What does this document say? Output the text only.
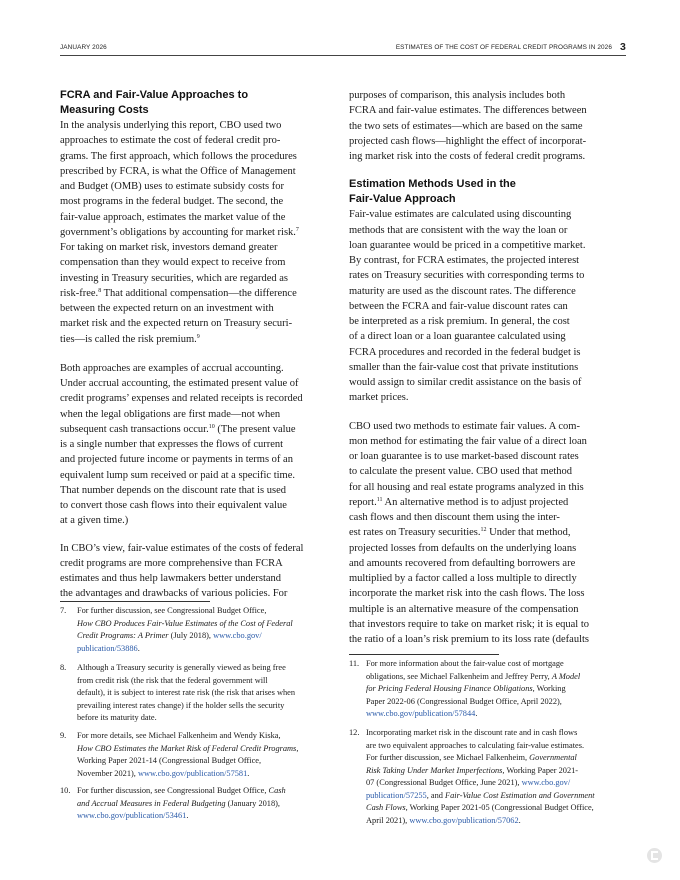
JANUARY 2026	ESTIMATES OF THE COST OF FEDERAL CREDIT PROGRAMS IN 2026 3
FCRA and Fair-Value Approaches to
Measuring Costs
In the analysis underlying this report, CBO used two
approaches to estimate the cost of federal credit pro-
grams. The first approach, which follows the procedures
prescribed by FCRA, is what the Office of Management
and Budget (OMB) uses to estimate subsidy costs for
most programs in the federal budget. The second, the
fair-value approach, estimates the market value of the
government’s obligations by accounting for market risk.$^7$
For taking on market risk, investors demand greater
compensation than they would expect to receive from
investing in Treasury securities, which are regarded as
risk-free.$^8$ That additional compensation—the difference
between the expected return on an investment with
market risk and the expected return on Treasury securi-
ties—is called the risk premium.$^9$
Both approaches are examples of accrual accounting.
Under accrual accounting, the estimated present value of
credit programs’ expenses and related receipts is recorded
when the legal obligations are first made—not when
subsequent cash transactions occur.$^{10}$ (The present value
is a single number that expresses the flows of current
and projected future income or payments in terms of an
equivalent lump sum received or paid at a specific time.
That number depends on the discount rate that is used
to convert those cash flows into their equivalent value
at a given time.)
In CBO’s view, fair-value estimates of the costs of federal
credit programs are more comprehensive than FCRA
estimates and thus help lawmakers better understand
the advantages and drawbacks of various policies. For
7.	For further discussion, see Congressional Budget Office,
How CBO Produces Fair-Value Estimates of the Cost of Federal
Credit Programs: A Primer (July 2018), www.cbo.gov/
publication/53886.
8.	Although a Treasury security is generally viewed as being free
from credit risk (the risk that the federal government will
default), it is subject to interest rate risk (the risk that arises when
prevailing interest rates change) if the holder sells the security
before its maturity date.
9.	For more details, see Michael Falkenheim and Wendy Kiska,
How CBO Estimates the Market Risk of Federal Credit Programs,
Working Paper 2021-14 (Congressional Budget Office,
November 2021), www.cbo.gov/publication/57581.
10. For further discussion, see Congressional Budget Office, Cash
and Accrual Measures in Federal Budgeting (January 2018),
www.cbo.gov/publication/53461.
purposes of comparison, this analysis includes both
FCRA and fair-value estimates. The differences between
the two sets of estimates—which are based on the same
projected cash flows—highlight the effect of incorporat-
ing market risk into the costs of federal credit programs.
Estimation Methods Used in the
Fair-Value Approach
Fair-value estimates are calculated using discounting
methods that are consistent with the way the loan or
loan guarantee would be priced in a competitive market.
By contrast, for FCRA estimates, the projected interest
rates on Treasury securities with corresponding terms to
maturity are used as the discount rates. The difference
between the FCRA and fair-value discount rates can
be interpreted as a risk premium. In general, the cost
of a direct loan or a loan guarantee calculated using
FCRA procedures and recorded in the federal budget is
smaller than the fair-value cost that private institutions
would assign to similar credit assistance on the basis of
market prices.
CBO used two methods to estimate fair values. A com-
mon method for estimating the fair value of a direct loan
or loan guarantee is to use market-based discount rates
to calculate the present value. CBO used that method
for all housing and real estate programs analyzed in this
report.$^{11}$ An alternative method is to adjust projected
cash flows and then discount them using the inter-
est rates on Treasury securities.$^{12}$ Under that method,
projected losses from defaults on the underlying loans
and amounts recovered from defaulting borrowers are
multiplied by a factor called a loss multiple to directly
incorporate the market risk into the cash flows. The loss
multiple is an alternative measure of the compensation
that investors require to take on market risk; it is equal to
the ratio of a loan’s risk premium to its loss rate (defaults
11. For more information about the fair-value cost of mortgage
obligations, see Michael Falkenheim and Jeffrey Perry, A Model
for Pricing Federal Housing Finance Obligations, Working
Paper 2022-06 (Congressional Budget Office, April 2022),
www.cbo.gov/publication/57844.
12. Incorporating market risk in the discount rate and in cash flows
are two equivalent approaches to calculating fair-value estimates.
For further discussion, see Michael Falkenheim, Governmental
Risk Taking Under Market Imperfections, Working Paper 2021-
07 (Congressional Budget Office, June 2021), www.cbo.gov/
publication/57255, and Fair-Value Cost Estimation and Government
Cash Flows, Working Paper 2021-05 (Congressional Budget Office,
April 2021), www.cbo.gov/publication/57062.
